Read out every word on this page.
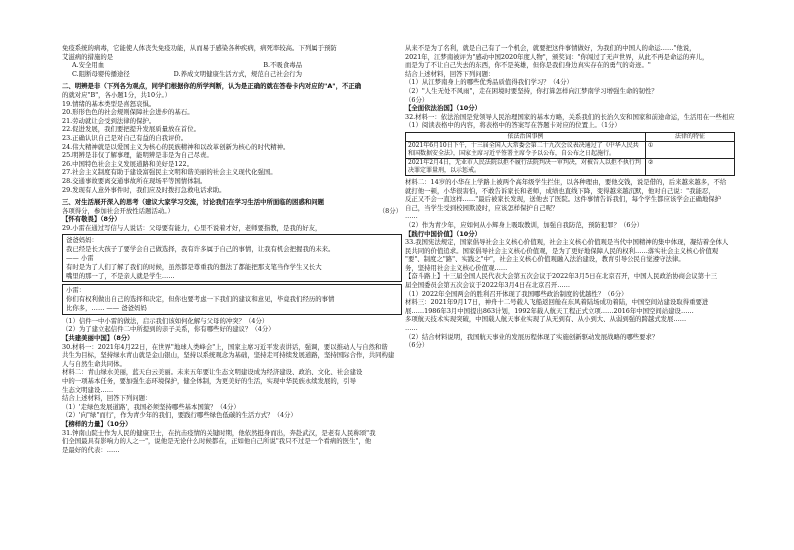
免疫系统的病毒，它能使人体丧失免疫功能，从而易于感染各种疾病，病死率较高。下列属于预防
艾滋病的措施的是
A.安全用血	B.不吸食毒品
C.阻断母婴传播途径	D.养成文明健康生活方式，规范自己社会行为
二、明辨是非（下列各为观点，同学们根据你的所学判断，认为是正确的就在答卷卡内对应的"A"，不正确
的就对应"B"，各小题1分，共10分。）
19.情绪的基本类型是喜怒哀惧。
20.形形色色的社会规则保障社会进步的基石。
21.劳动就让会受到法律的保护。
22.促进发展，我们要把提升发展质量放在首位。
23.正确认识自己是对自己有益的自我评价。
24.伟大精神就是以爱国主义为核心的民族精神和以改革创新为核心的时代精神。
25.明辨是非仅了解事理，能明辨是非是为自己尽责。
26.中国特色社会主义发展道路和美好是122。
27.社会主义制度有助于建设富强民主文明和谐美丽的社会主义现代化强国。
28.交通事故要离交通事故所在现场平等国情体制。
29.发现有人意外事件时，我们应及时拨打急救电话求助。
三、对生活展开深入的思考（建议大家学习交流，讨论我们在学习生活中所面临的困惑和问题
各项得分，参加社会开放性话题活动。）	（8分）
【怀有敬畏】（8分）
29.小雷在通过写信与人说话：父母要有能力，心里不说着才好，老师要指教，是我的好友，
爸爸妈妈：
我已经是长大孩子了要学会自己做选择，我有许多属于自己的事情，让我有机会把握我的未来。
—— 小雷
有时是为了人们了解了我们的时候，虽然都是尊重我的想法了都能把那支笔当作学生又长大
嘴里的那一了，不是亲人就是学生……
小雷：
你们有权利做出自己的选择和决定，但你也要考虑一下我们的建议和意见，毕竟我们经历的事情
比你多，…… —— 爸爸妈妈
（1）信件一中小雷的做法，启示我们该如何化解与父母的冲突？（4分）
（2）为了建立起信件二中所提到的亲子关系，你有哪些好的建议？（4分）
【共建美丽中国】（8分）
30.材料一：2021年4月22日，在世界"地球人类峰会"上，国家主席习近平发表讲话，强调，要以推动人与自然和谐
共生为目标，坚持绿水青山就是金山银山，坚持以系统观念为基础，坚持走可持续发展道路，坚持国际合作，共同构建
人与自然生命共同体。
材料二：青山绿水美丽，蓝天白云美丽。未来五年要让生态文明建设成为经济建设、政治、文化、社会建设
中的一项基本任务，要加强生态环境保护，健全体制，为更美好的生活，实现中华民族永续发展的，引导
生态文明建设……
结合上述材料，回答下列问题：
（1）'走绿色发展道路'，我国必须坚持哪些基本国策？（4分）
（2）'向"绿"而行'，作为青少年的我们，要践行哪些绿色低碳的生活方式？（4分）
【榜样的力量】（10分）
31.钟南山院士作为人民的健康卫士，在抗击疫情的关键时期，他依然挺身而出，奔赴武汉，是老有人民称颂"我
们全国最具有影响力的人之一"，说他是无论什么时候都在，正如他自己所说"我只不过是一个看病的医生"，他
是最好的代表：……
从来不是为了名利，就是自己有了一个机会，就要把这件事情做好，为我们的中国人的命运……"他说，
2021年，江梦南被评为"感动中国2020年度人物"，颁奖词："你闯过了无声世界，从此不再是命运的弃儿，
而是为了不让自己失去的东西，你不是英雄，但你是我们身边真实存在的勇气的奇迹。"
结合上述材料，回答下列问题：
（1）从江梦南身上的哪些优秀品质值得我们学习？（4分）
（2）"人生无处不风雨"，走在困境时要坚持，你打算怎样向江梦南学习增强生命的韧性？
（6分）
【全面依法治国】（10分）
32.材料一：依法治国是党领导人民治理国家的基本方略，关系我们的长治久安和国家和前途命运，生活用在一些相应
（1）阅读表格中的内容，将表格中的答案写在答题卡对应的位置上。（1分）
依法治国事例	法律的特征
2021年6月10日下午，十三届全国人大常委会第二十九次会议表决通过了《中华人民共和国数据安全法》，国家主席习近平签署主席令予以公布，自公布之日起施行。	①
2021年2月4日，无业市人民法院以拒不履行法院判决一审判决，对被告人以拒不执行判决罪定罪量刑，以示惩戒。	②
材料二：14岁的小华在上学路上被两个高年级学生拦住，以各种理由，要他交钱，说是借的，后来越来越多，不给
就打他一顿，小华很害怕，不敢告诉家长和老师，成绩也直线下降，变得越来越沉默，他对自己说："我能忍，
反正又不会一直这样……"最后被家长发现，送他去了医院。这件事情告诉我们，每个学生都应该学会正确地保护
自己，当学生受到校园欺凌时，应该怎样保护自己呢？
……
（2）作为青少年，应如何从小辉身上吸取教训，加强自我防范，预防犯罪？（6分）
【践行中国价值】（10分）
33.我国宪法规定，国家倡导社会主义核心价值观，社会主义核心价值观是当代中国精神的集中体现，凝结着全体人
民共同的价值追求。国家倡导社会主义核心价值观，是为了更好地保障人民的权利……落实社会主义核心价值观
"要"、制度之"路"、实践之"中"，社会主义核心价值观融入法治建设，教育引导公民自觉遵守法律。
务，坚持用社会主义核心价值观……
【奋斗路上】十三届全国人民代表大会第五次会议于2022年3月5日在北京召开，中国人民政治协商会议第十三
届全国委员会第五次会议于2022年3月4日在北京召开……
（1）2022年全国两会的胜利召开体现了我国哪些政治制度的优越性？（6分）
材料三：2021年9月17日，神舟十二号载人飞船返回舱在东风着陆场成功着陆，中国空间站建设取得重要进
展……1986年3月中国提出863计划，1992年载人航天工程正式立项……2016年中国空间站建设……
多项航天技术实现突破，中国载人航天事业实现了从无到有、从小到大、从弱到强的跨越式发展……
……
（2）结合材料说明，我国航天事业的发展历程体现了实施创新驱动发展战略的哪些要求？
（6分）
